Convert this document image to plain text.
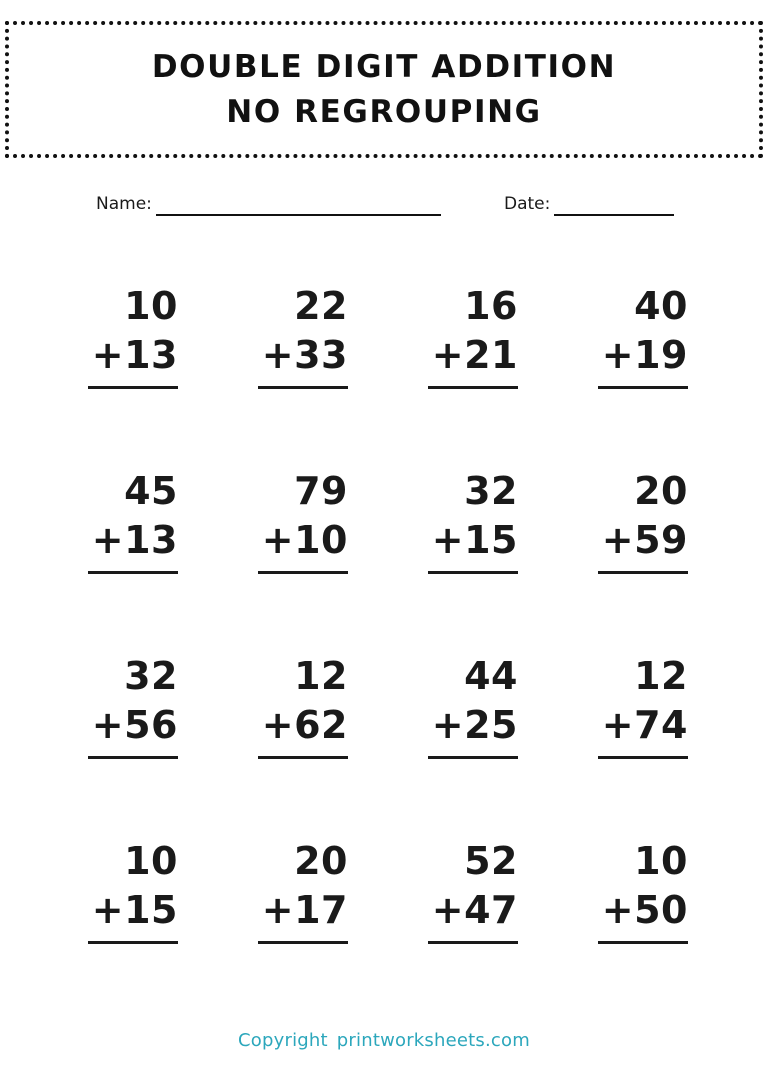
DOUBLE DIGIT ADDITION
NO REGROUPING
Name:	Date:
10
+13
22
+33
16
+21
40
+19
45
+13
79
+10
32
+15
20
+59
32
+56
12
+62
44
+25
12
+74
10
+15
20
+17
52
+47
10
+50
Copyright printworksheets.com
